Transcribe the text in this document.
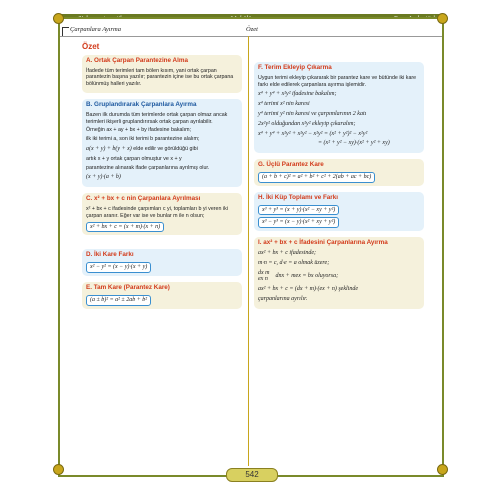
Çarpanlara Ayırma	Özet
Özet
A. Ortak Çarpan Parantezine Alma
İfadede tüm terimleri tam bölen kısım, yani ortak çarpan parantezin başına yazılır; parantezin içine ise bu ortak çarpana bölünmüş halleri yazılır.
B. Gruplandırarak Çarpanlara Ayırma
Bazen ilk durumda tüm terimlerde ortak çarpan olmaz ancak terimleri ikişerli gruplandırırsak ortak çarpan ayrılabilir.
Örneğin ax + ay + bx + by ifadesine bakalım;
ilk iki terimi a, son iki terimi b parantezine alalım;
a(x + y) + b(y + x) elde edilir ve görüldüğü gibi
artık x + y ortak çarpan olmuştur ve x + y
parantezine alınarak ifade çarpanlarına ayrılmış olur.
(x + y)·(a + b)
C. x² + bx + c nin Çarpanlara Ayrılması
x² + bx + c ifadesinde çarpımları c yi, toplamları b yi veren iki çarpan aranır. Eğer var ise ve bunlar m ile n olsun;
x² + bx + c = (x + m)·(x + n)
D. İki Kare Farkı
x² − y² = (x − y)·(x + y)
E. Tam Kare (Parantez Kare)
(a ± b)² = a² ± 2ab + b²
F. Terim Ekleyip Çıkarma
Uygun terimi ekleyip çıkararak bir parantez kare ve bütünde iki kare farkı elde edilerek çarpanlara ayırma işlemidir.
x⁴ + y⁴ + x²y² ifadesine bakalım;
x⁴ terimi x² nin karesi
y⁴ terimi y² nin karesi ve çarpımlarının 2 katı
2x²y² olduğundan x²y² ekleyip çıkaralım;
x⁴ + y⁴ + x²y² + x²y² − x²y² = (x² + y²)² − x²y²
= (x² + y² − xy)·(x² + y² + xy)
G. Üçlü Parantez Kare
(a + b + c)² = a² + b² + c² + 2(ab + ac + bc)
H. İki Küp Toplamı ve Farkı
x³ + y³ = (x + y)·(x² − xy + y²)
x³ − y³ = (x − y)·(x² + xy + y²)
I. ax² + bx + c İfadesini Çarpanlarına Ayırma
ax² + bx + c ifadesinde;
m·n = c, d·e = a olmak üzere;
dx m
ex n
dnx + mex = bx oluyorsa;
ax² + bx + c = (dx + m)·(ex + n) şeklinde
çarpanlarına ayrılır.
542
